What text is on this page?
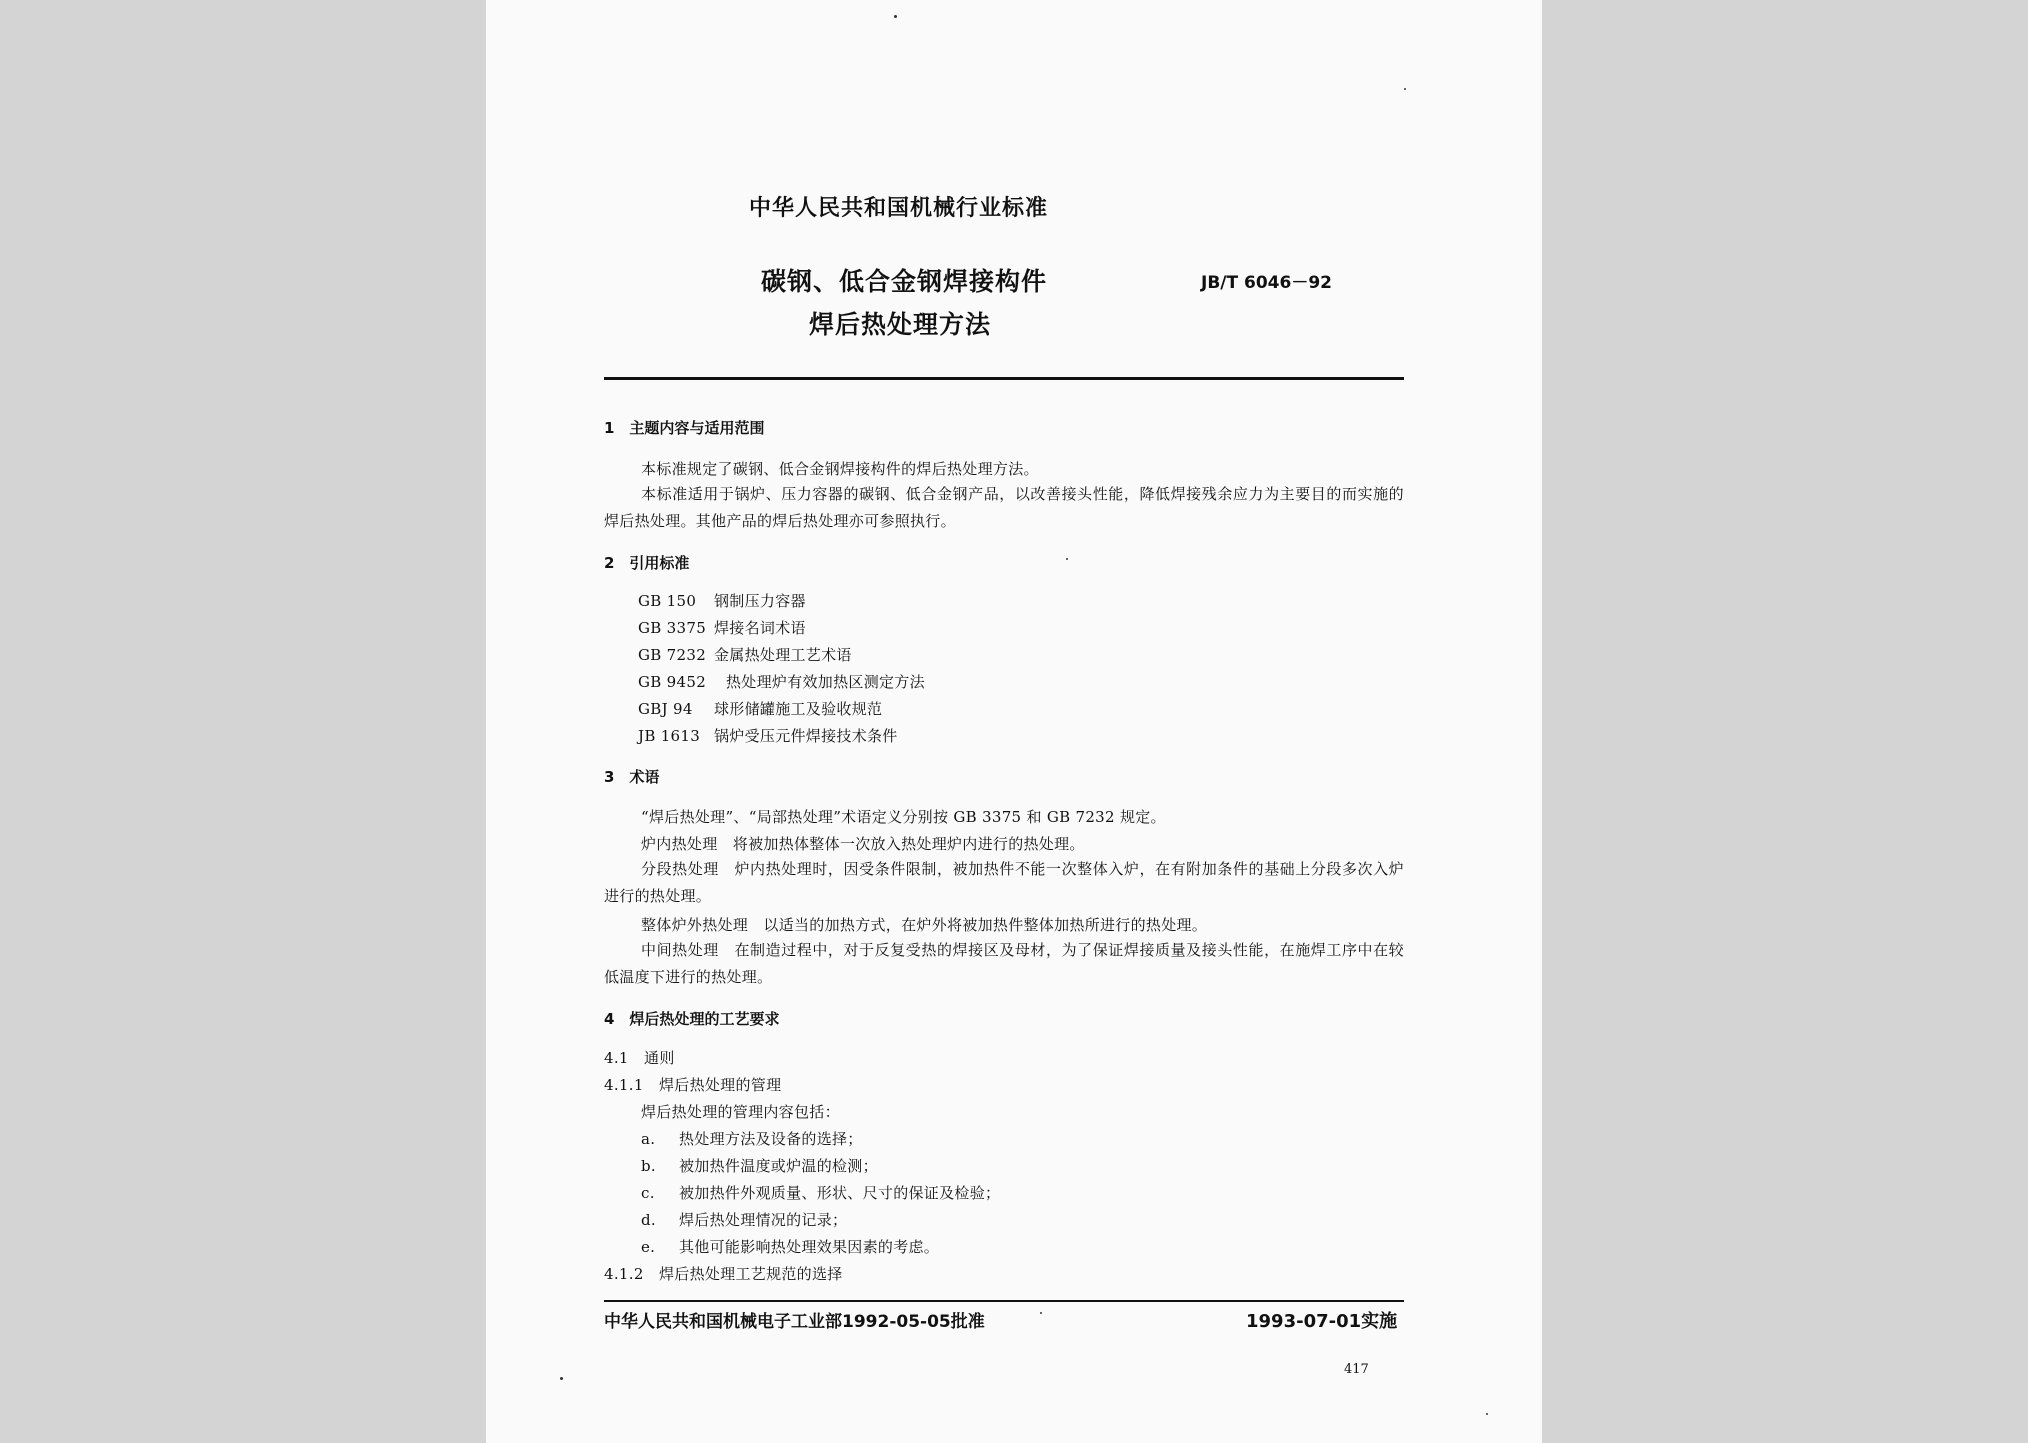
中华人民共和国机械行业标准
碳钢、低合金钢焊接构件
焊后热处理方法
JB/T 6046－92
1　主题内容与适用范围
本标准规定了碳钢、低合金钢焊接构件的焊后热处理方法。
本标准适用于锅炉、压力容器的碳钢、低合金钢产品，以改善接头性能，降低焊接残余应力为主要目的而实施的焊后热处理。其他产品的焊后热处理亦可参照执行。
2　引用标准
GB 150 钢制压力容器
GB 3375 焊接名词术语
GB 7232 金属热处理工艺术语
GB 9452 热处理炉有效加热区测定方法
GBJ 94 球形储罐施工及验收规范
JB 1613 锅炉受压元件焊接技术条件
3　术语
“焊后热处理”、“局部热处理”术语定义分别按 GB 3375 和 GB 7232 规定。
炉内热处理　将被加热体整体一次放入热处理炉内进行的热处理。
分段热处理　炉内热处理时，因受条件限制，被加热件不能一次整体入炉，在有附加条件的基础上分段多次入炉进行的热处理。
整体炉外热处理　以适当的加热方式，在炉外将被加热件整体加热所进行的热处理。
中间热处理　在制造过程中，对于反复受热的焊接区及母材，为了保证焊接质量及接头性能，在施焊工序中在较低温度下进行的热处理。
4　焊后热处理的工艺要求
4.1　通则
4.1.1　焊后热处理的管理
焊后热处理的管理内容包括：
a. 热处理方法及设备的选择；
b. 被加热件温度或炉温的检测；
c. 被加热件外观质量、形状、尺寸的保证及检验；
d. 焊后热处理情况的记录；
e. 其他可能影响热处理效果因素的考虑。
4.1.2　焊后热处理工艺规范的选择
中华人民共和国机械电子工业部1992-05-05批准	1993-07-01实施
417
